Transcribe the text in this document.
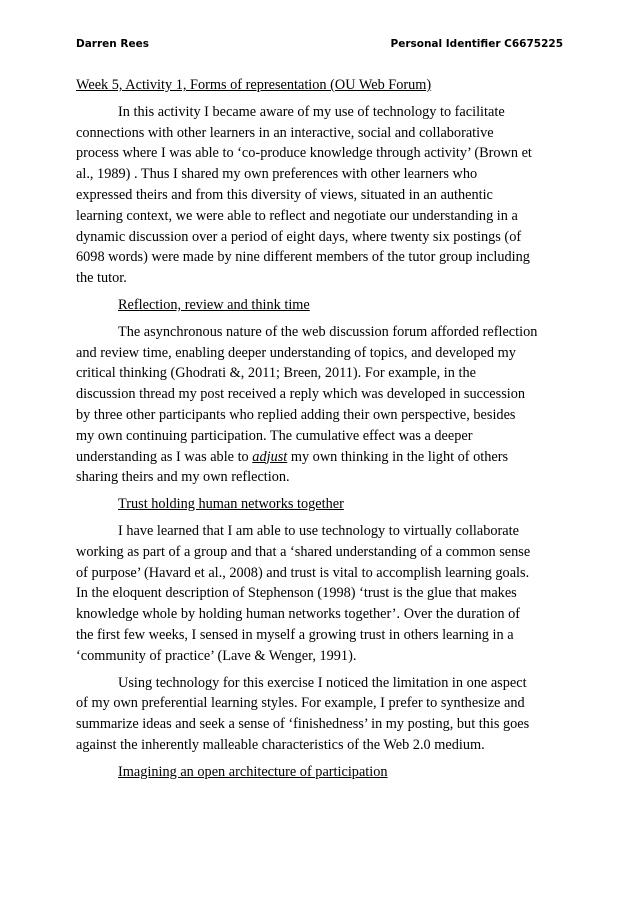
Darren Rees	Personal Identifier C6675225
Week 5, Activity 1, Forms of representation (OU Web Forum)

In this activity I became aware of my use of technology to facilitate
connections with other learners in an interactive, social and collaborative
process where I was able to ‘co-produce knowledge through activity’ (Brown et
al., 1989) . Thus I shared my own preferences with other learners who
expressed theirs and from this diversity of views, situated in an authentic
learning context, we were able to reflect and negotiate our understanding in a
dynamic discussion over a period of eight days, where twenty six postings (of
6098 words) were made by nine different members of the tutor group including
the tutor.

Reflection, review and think time

The asynchronous nature of the web discussion forum afforded reflection
and review time, enabling deeper understanding of topics, and developed my
critical thinking (Ghodrati &, 2011; Breen, 2011). For example, in the
discussion thread my post received a reply which was developed in succession
by three other participants who replied adding their own perspective, besides
my own continuing participation. The cumulative effect was a deeper
understanding as I was able to adjust my own thinking in the light of others
sharing theirs and my own reflection.

Trust holding human networks together

I have learned that I am able to use technology to virtually collaborate
working as part of a group and that a ‘shared understanding of a common sense
of purpose’ (Havard et al., 2008) and trust is vital to accomplish learning goals.
In the eloquent description of Stephenson (1998) ‘trust is the glue that makes
knowledge whole by holding human networks together’. Over the duration of
the first few weeks, I sensed in myself a growing trust in others learning in a
‘community of practice’ (Lave & Wenger, 1991).

Using technology for this exercise I noticed the limitation in one aspect
of my own preferential learning styles. For example, I prefer to synthesize and
summarize ideas and seek a sense of ‘finishedness’ in my posting, but this goes
against the inherently malleable characteristics of the Web 2.0 medium.

Imagining an open architecture of participation
